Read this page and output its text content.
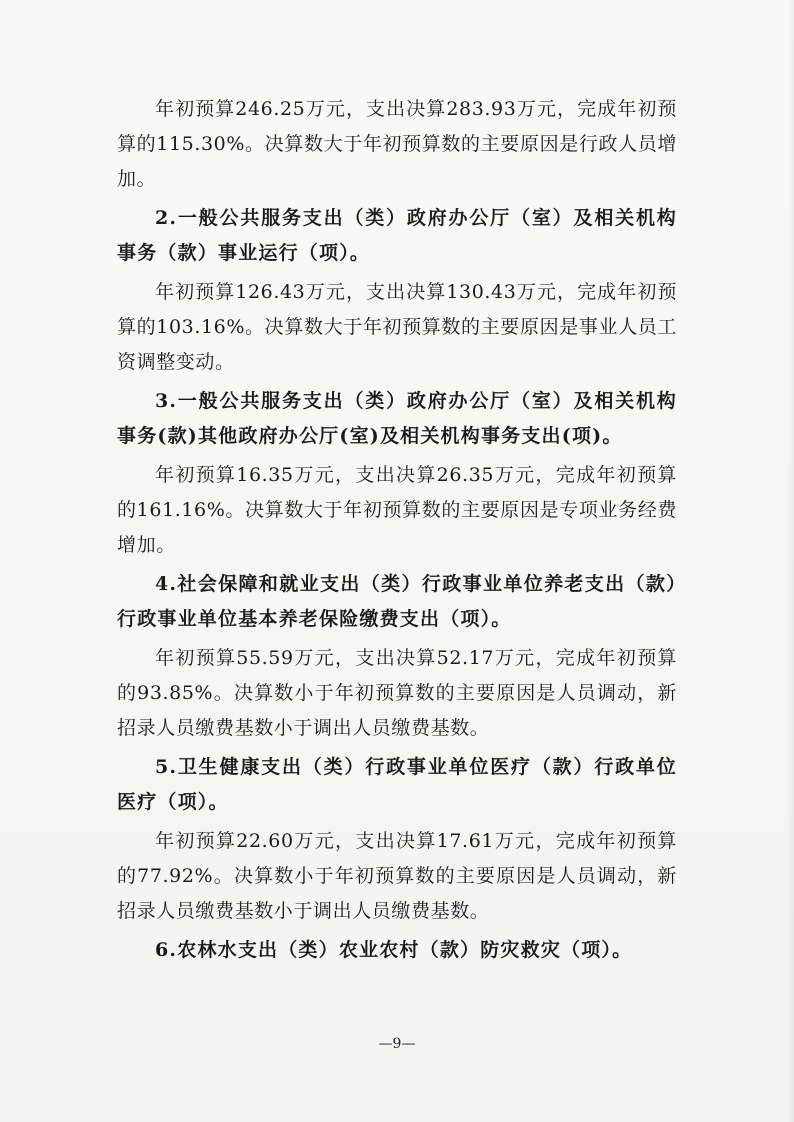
年初预算246.25万元，支出决算283.93万元，完成年初预算的115.30%。决算数大于年初预算数的主要原因是行政人员增加。

2.一般公共服务支出（类）政府办公厅（室）及相关机构事务（款）事业运行（项）。

年初预算126.43万元，支出决算130.43万元，完成年初预算的103.16%。决算数大于年初预算数的主要原因是事业人员工资调整变动。

3.一般公共服务支出（类）政府办公厅（室）及相关机构事务(款)其他政府办公厅(室)及相关机构事务支出(项)。

年初预算16.35万元，支出决算26.35万元，完成年初预算的161.16%。决算数大于年初预算数的主要原因是专项业务经费增加。

4.社会保障和就业支出（类）行政事业单位养老支出（款）行政事业单位基本养老保险缴费支出（项）。

年初预算55.59万元，支出决算52.17万元，完成年初预算的93.85%。决算数小于年初预算数的主要原因是人员调动，新招录人员缴费基数小于调出人员缴费基数。

5.卫生健康支出（类）行政事业单位医疗（款）行政单位医疗（项）。

年初预算22.60万元，支出决算17.61万元，完成年初预算的77.92%。决算数小于年初预算数的主要原因是人员调动，新招录人员缴费基数小于调出人员缴费基数。

6.农林水支出（类）农业农村（款）防灾救灾（项）。

—9—
